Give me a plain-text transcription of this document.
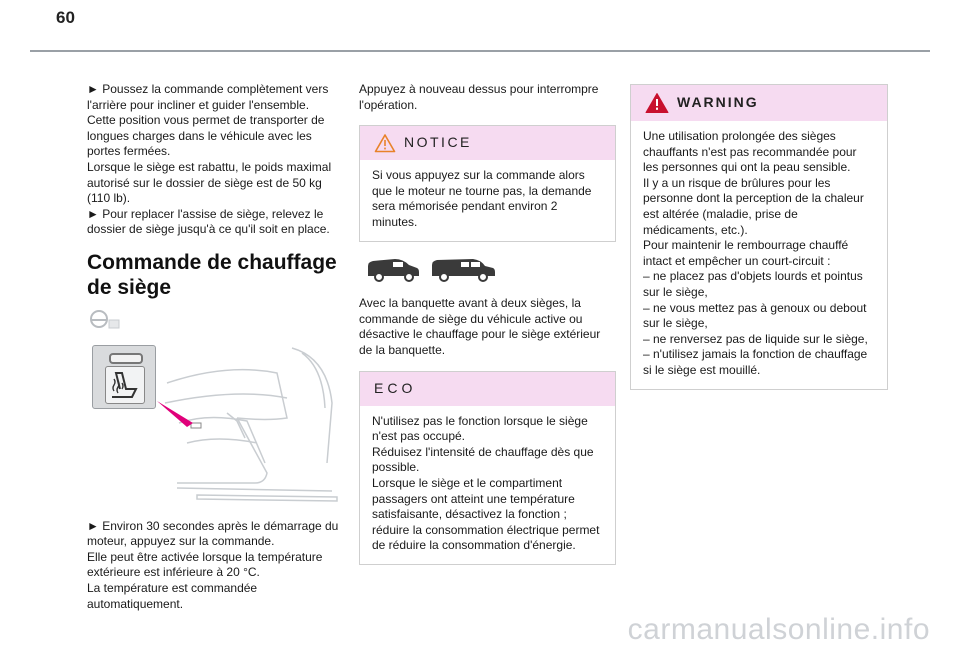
60

► Poussez la commande complètement vers l'arrière pour incliner et guider l'ensemble.

Cette position vous permet de transporter de longues charges dans le véhicule avec les portes fermées.

Lorsque le siège est rabattu, le poids maximal autorisé sur le dossier de siège est de 50 kg (110 lb).

► Pour replacer l'assise de siège, relevez le dossier de siège jusqu'à ce qu'il soit en place.

Commande de chauffage de siège

► Environ 30 secondes après le démarrage du moteur, appuyez sur la commande.

Elle peut être activée lorsque la température extérieure est inférieure à 20 °C.

La température est commandée automatiquement.

Appuyez à nouveau dessus pour interrompre l'opération.

NOTICE
Si vous appuyez sur la commande alors que le moteur ne tourne pas, la demande sera mémorisée pendant environ 2 minutes.

Avec la banquette avant à deux sièges, la commande de siège du véhicule active ou désactive le chauffage pour le siège extérieur de la banquette.

ECO

N'utilisez pas le fonction lorsque le siège n'est pas occupé.

Réduisez l'intensité de chauffage dès que possible.

Lorsque le siège et le compartiment passagers ont atteint une température satisfaisante, désactivez la fonction ; réduire la consommation électrique permet de réduire la consommation d'énergie.

WARNING

Une utilisation prolongée des sièges chauffants n'est pas recommandée pour les personnes qui ont la peau sensible.

Il y a un risque de brûlures pour les personne dont la perception de la chaleur est altérée (maladie, prise de médicaments, etc.).

Pour maintenir le rembourrage chauffé intact et empêcher un court-circuit :

– ne placez pas d'objets lourds et pointus sur le siège,

– ne vous mettez pas à genoux ou debout sur le siège,

– ne renversez pas de liquide sur le siège,

– n'utilisez jamais la fonction de chauffage si le siège est mouillé.

carmanualsonline.info
